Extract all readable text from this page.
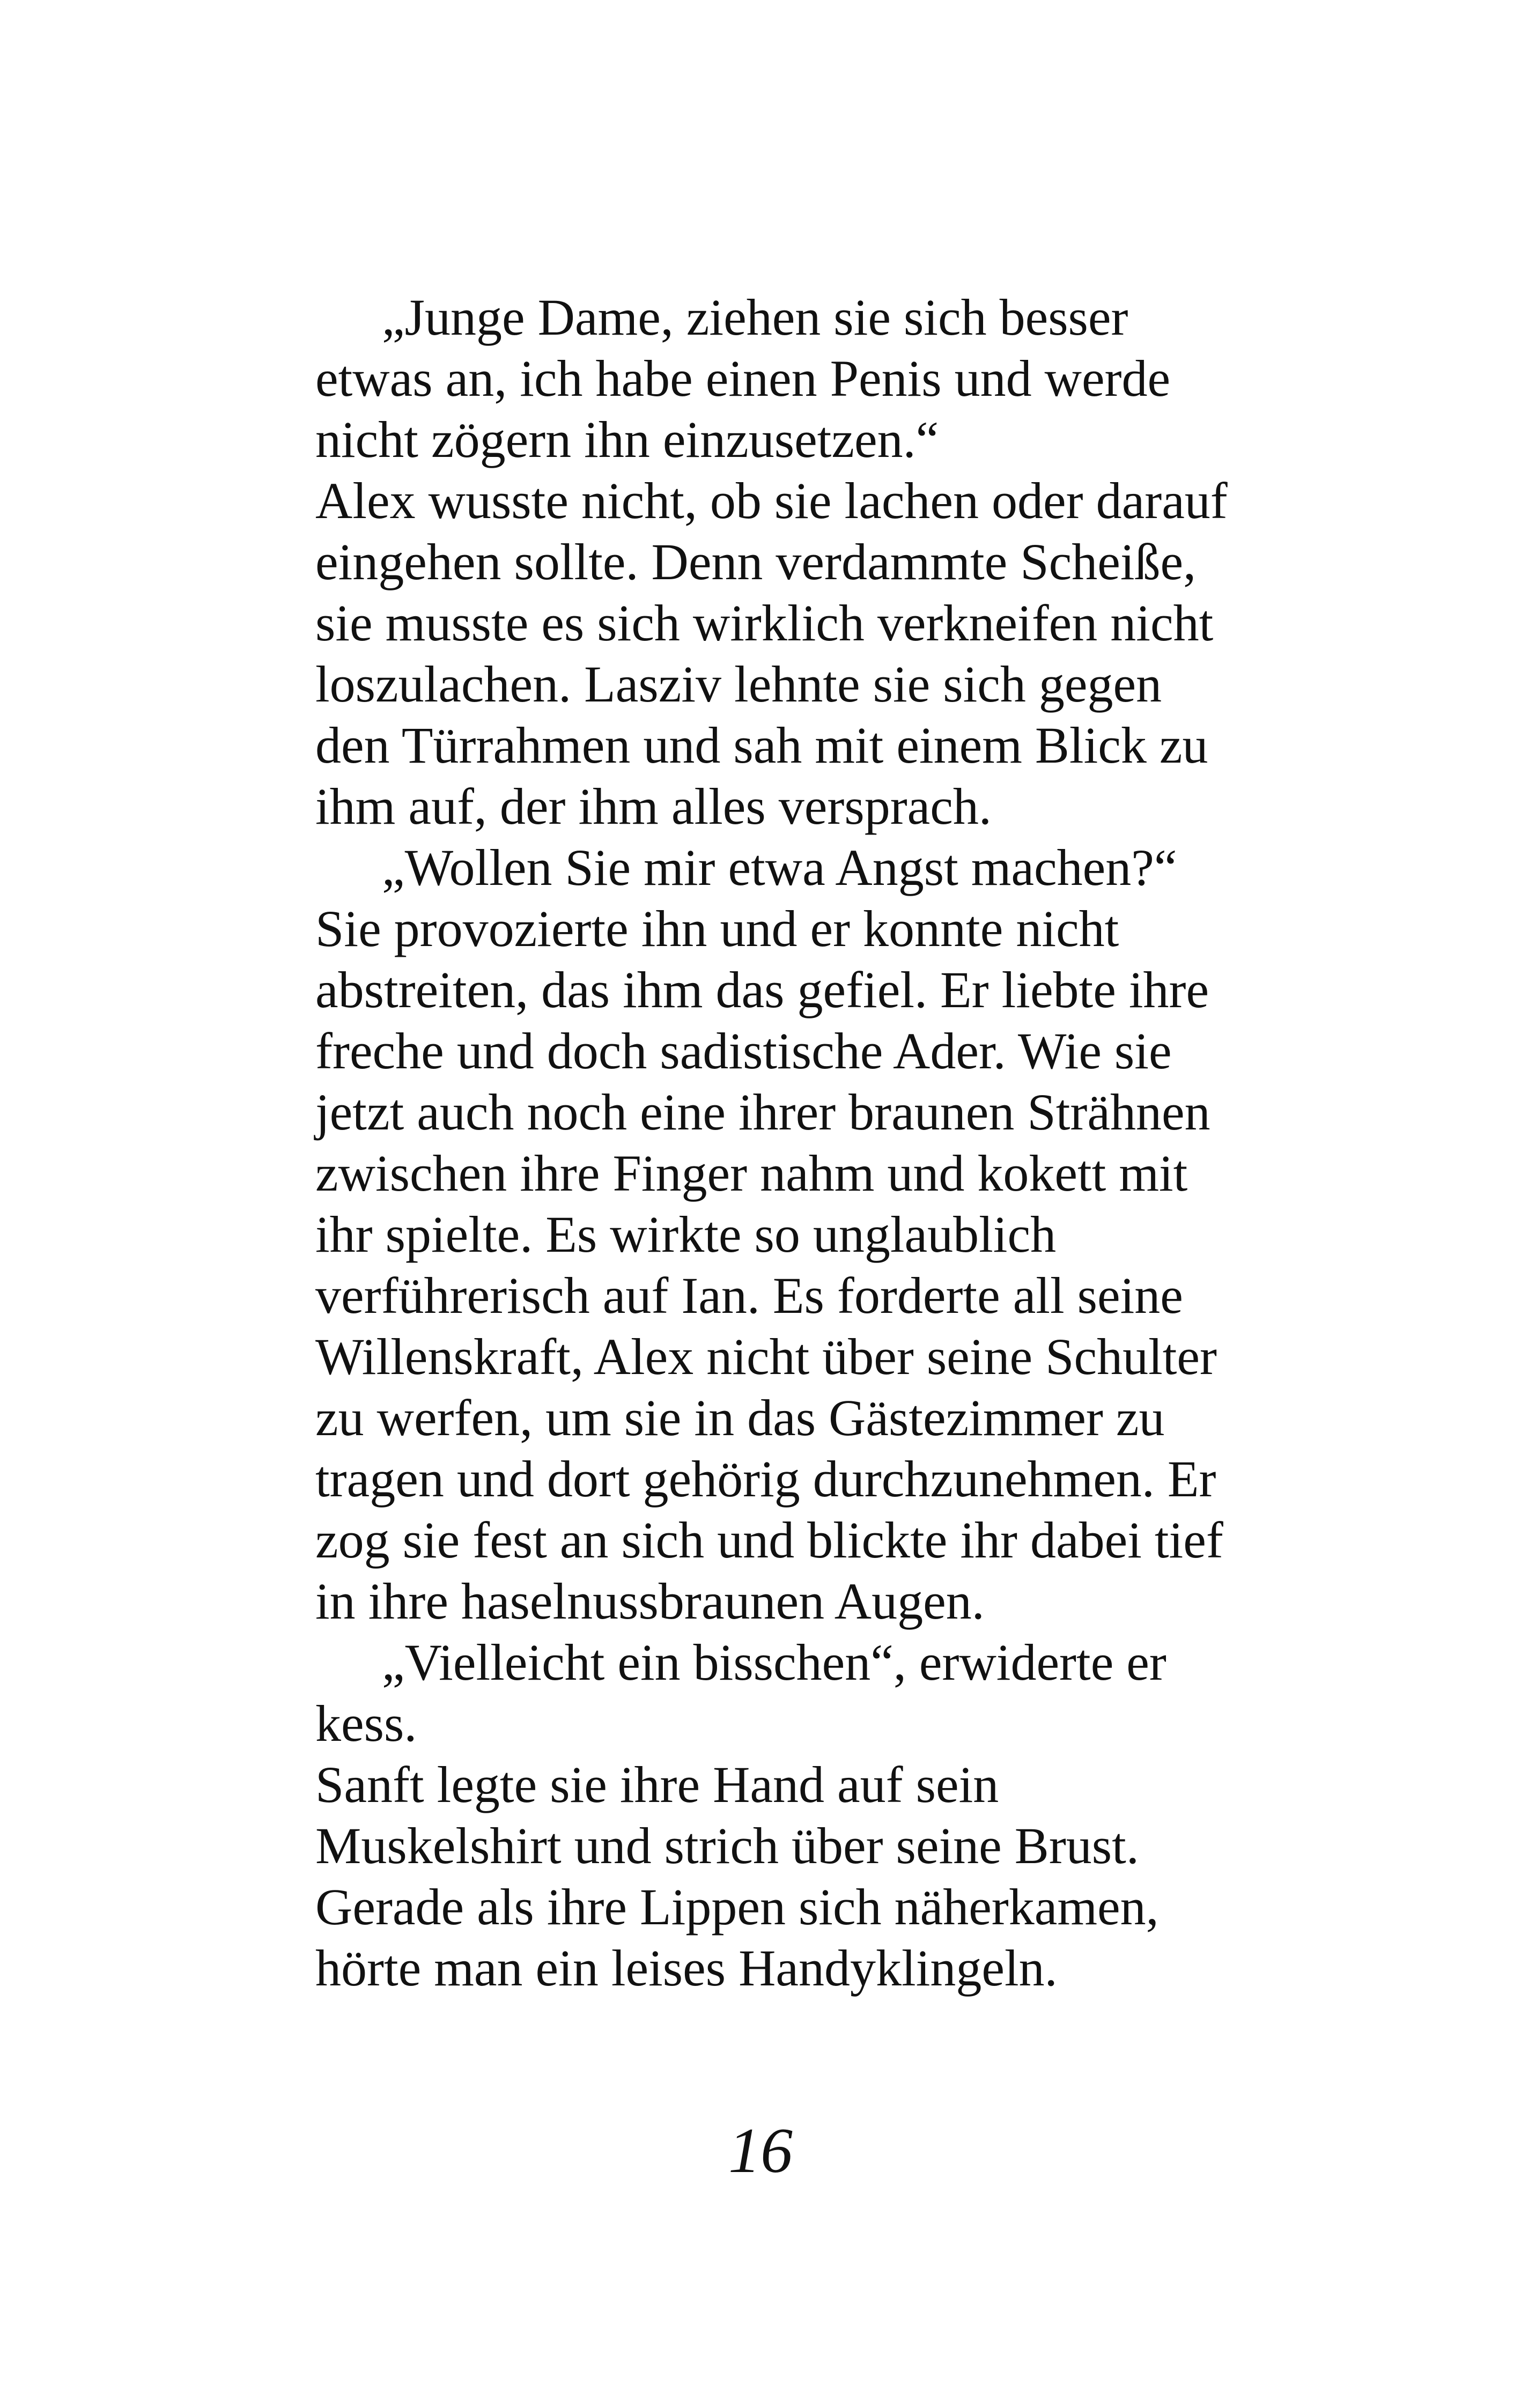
„Junge Dame, ziehen sie sich besser
etwas an, ich habe einen Penis und werde
nicht zögern ihn einzusetzen.“
Alex wusste nicht, ob sie lachen oder darauf
eingehen sollte. Denn verdammte Scheiße,
sie musste es sich wirklich verkneifen nicht
loszulachen. Lasziv lehnte sie sich gegen
den Türrahmen und sah mit einem Blick zu
ihm auf, der ihm alles versprach.
„Wollen Sie mir etwa Angst machen?“
Sie provozierte ihn und er konnte nicht
abstreiten, das ihm das gefiel. Er liebte ihre
freche und doch sadistische Ader. Wie sie
jetzt auch noch eine ihrer braunen Strähnen
zwischen ihre Finger nahm und kokett mit
ihr spielte. Es wirkte so unglaublich
verführerisch auf Ian. Es forderte all seine
Willenskraft, Alex nicht über seine Schulter
zu werfen, um sie in das Gästezimmer zu
tragen und dort gehörig durchzunehmen. Er
zog sie fest an sich und blickte ihr dabei tief
in ihre haselnussbraunen Augen.
„Vielleicht ein bisschen“, erwiderte er
kess.
Sanft legte sie ihre Hand auf sein
Muskelshirt und strich über seine Brust.
Gerade als ihre Lippen sich näherkamen,
hörte man ein leises Handyklingeln.
16
